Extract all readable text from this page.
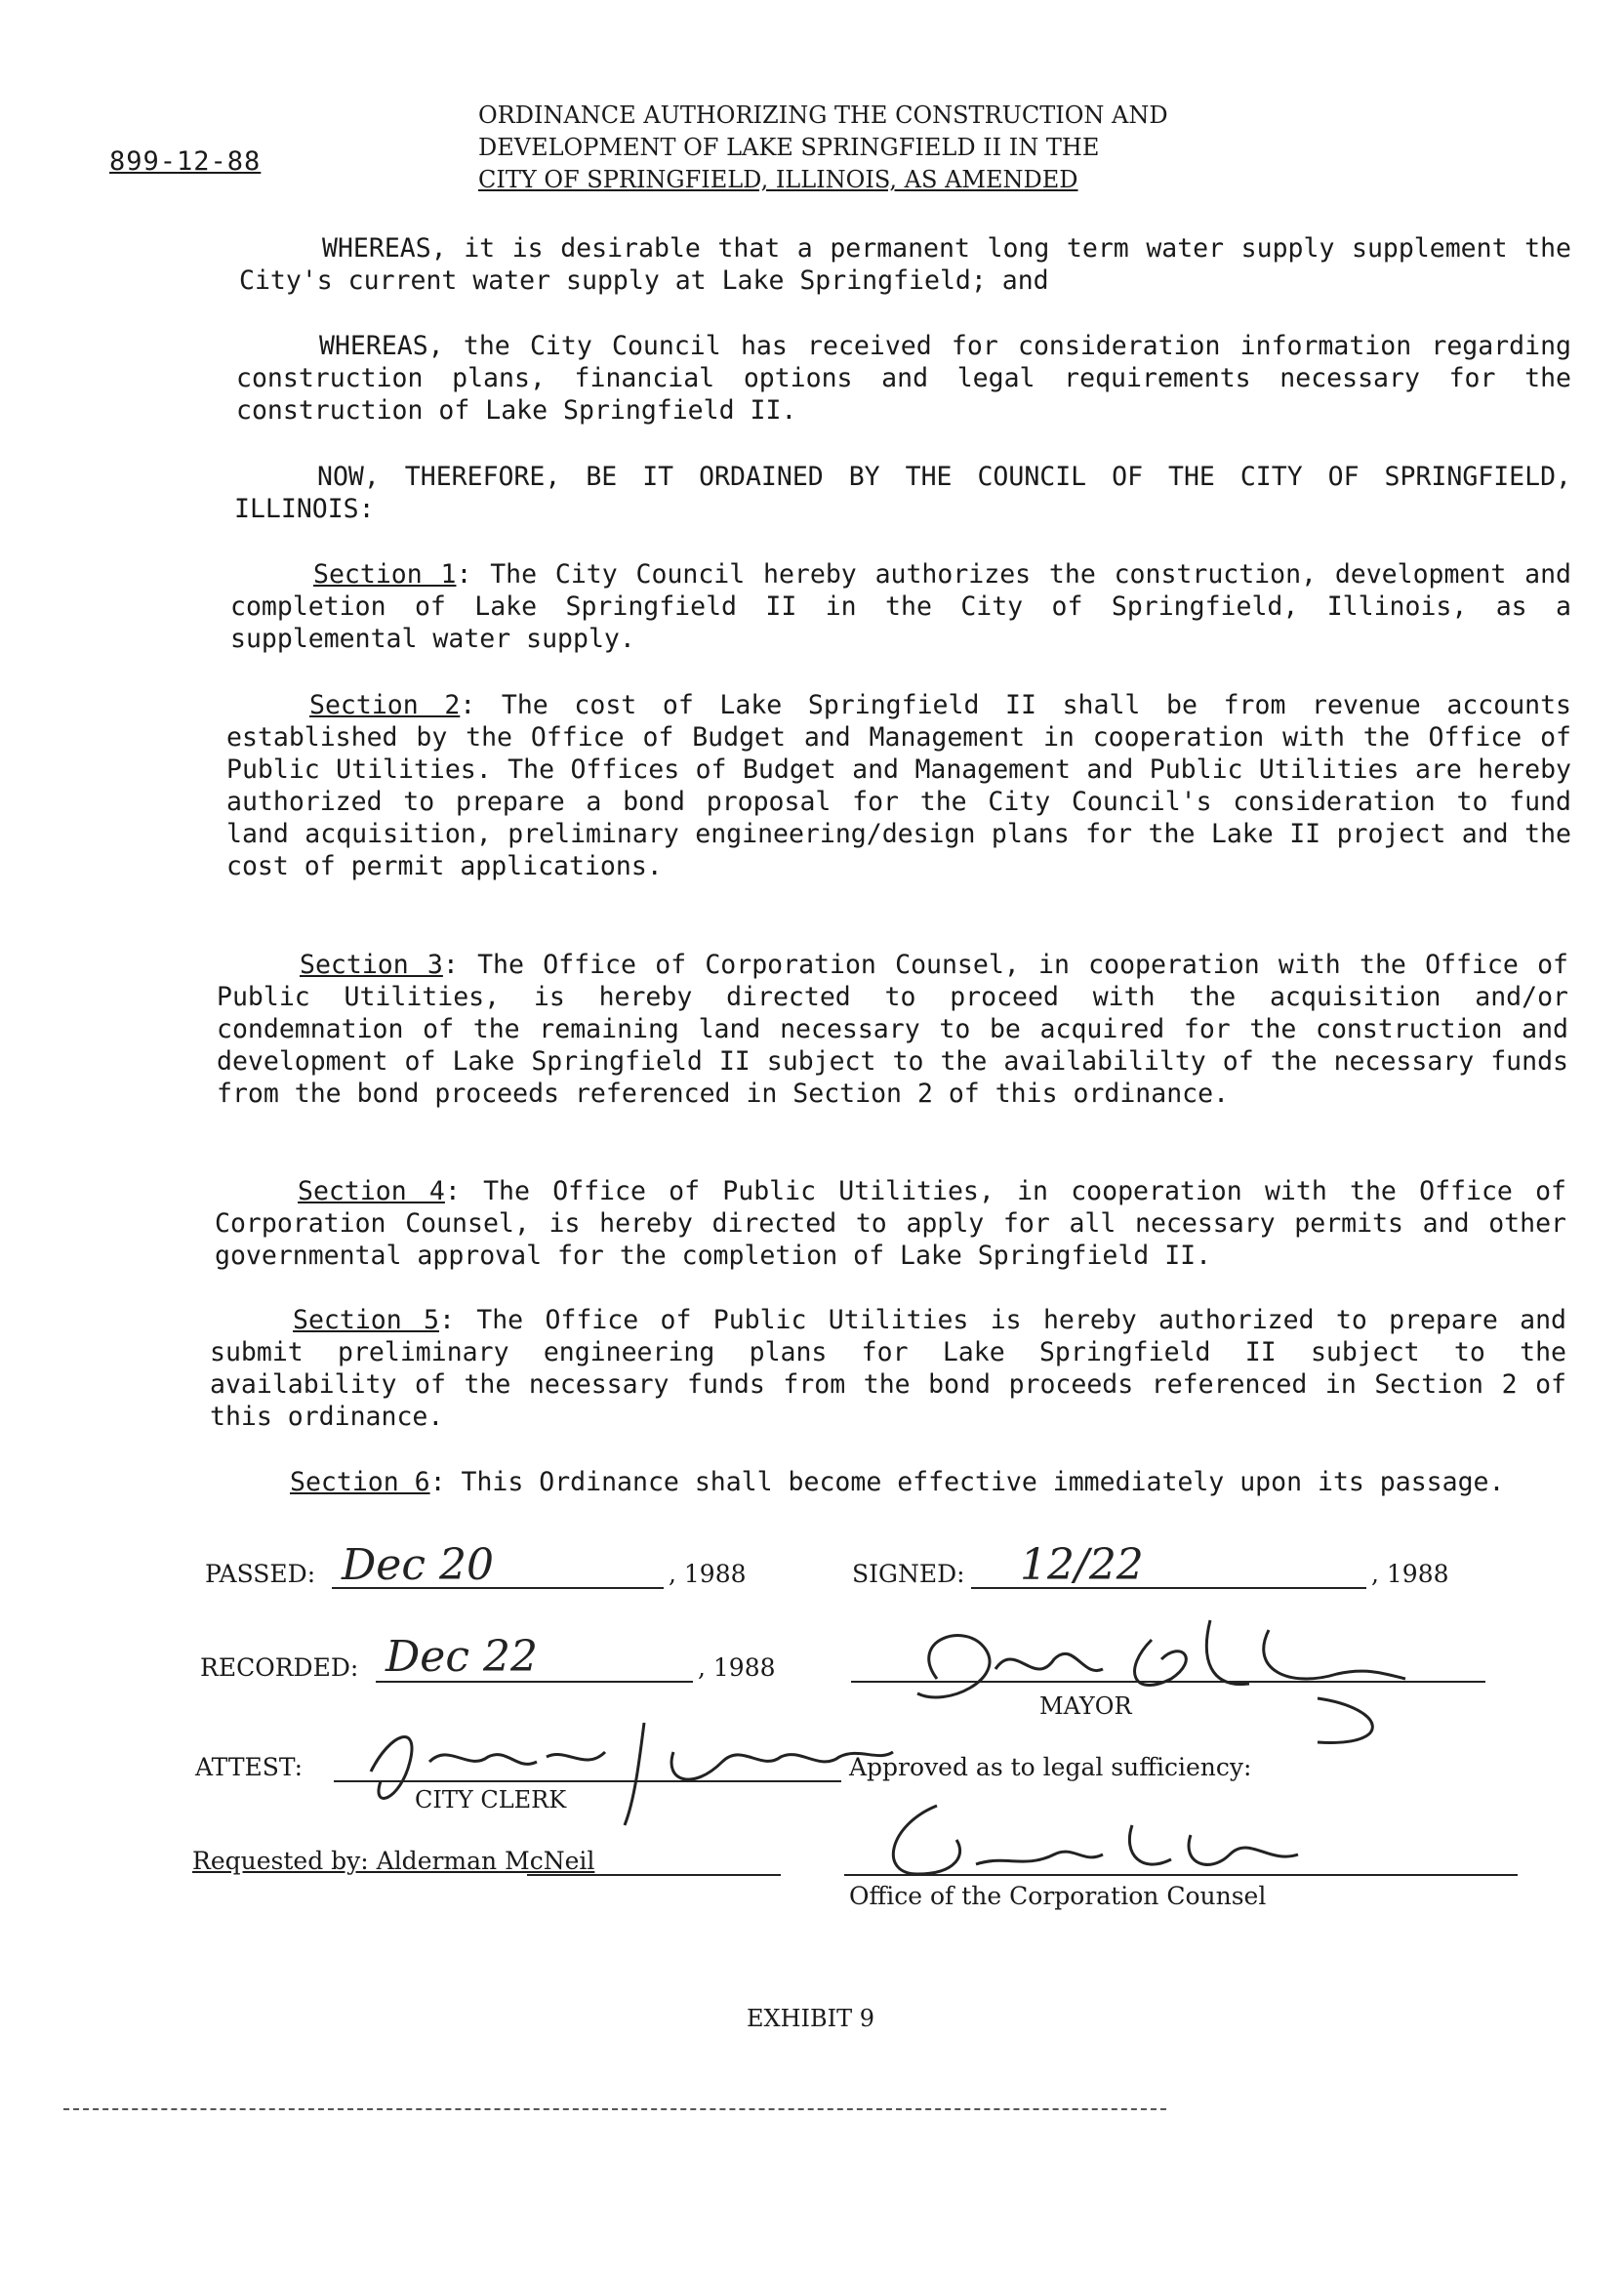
899-12-88
ORDINANCE AUTHORIZING THE CONSTRUCTION AND
DEVELOPMENT OF LAKE SPRINGFIELD II IN THE
CITY OF SPRINGFIELD, ILLINOIS, AS AMENDED
WHEREAS, it is desirable that a permanent long term water supply supplement the City's current water supply at Lake Springfield; and
WHEREAS, the City Council has received for consideration information regarding construction plans, financial options and legal requirements necessary for the construction of Lake Springfield II.
NOW, THEREFORE, BE IT ORDAINED BY THE COUNCIL OF THE CITY OF SPRINGFIELD, ILLINOIS:
Section 1: The City Council hereby authorizes the construction, development and completion of Lake Springfield II in the City of Springfield, Illinois, as a supplemental water supply.
Section 2: The cost of Lake Springfield II shall be from revenue accounts established by the Office of Budget and Management in cooperation with the Office of Public Utilities. The Offices of Budget and Management and Public Utilities are hereby authorized to prepare a bond proposal for the City Council's consideration to fund land acquisition, preliminary engineering/design plans for the Lake II project and the cost of permit applications.
Section 3: The Office of Corporation Counsel, in cooperation with the Office of Public Utilities, is hereby directed to proceed with the acquisition and/or condemnation of the remaining land necessary to be acquired for the construction and development of Lake Springfield II subject to the availabililty of the necessary funds from the bond proceeds referenced in Section 2 of this ordinance.
Section 4: The Office of Public Utilities, in cooperation with the Office of Corporation Counsel, is hereby directed to apply for all necessary permits and other governmental approval for the completion of Lake Springfield II.
Section 5: The Office of Public Utilities is hereby authorized to prepare and submit preliminary engineering plans for Lake Springfield II subject to the availability of the necessary funds from the bond proceeds referenced in Section 2 of this ordinance.
Section 6: This Ordinance shall become effective immediately upon its passage.
PASSED: Dec 20	, 1988	SIGNED: 12/22	, 1988
RECORDED: Dec 22	, 1988
MAYOR
ATTEST:
CITY CLERK
Approved as to legal sufficiency:
Requested by: Alderman McNeil
Office of the Corporation Counsel
EXHIBIT 9
